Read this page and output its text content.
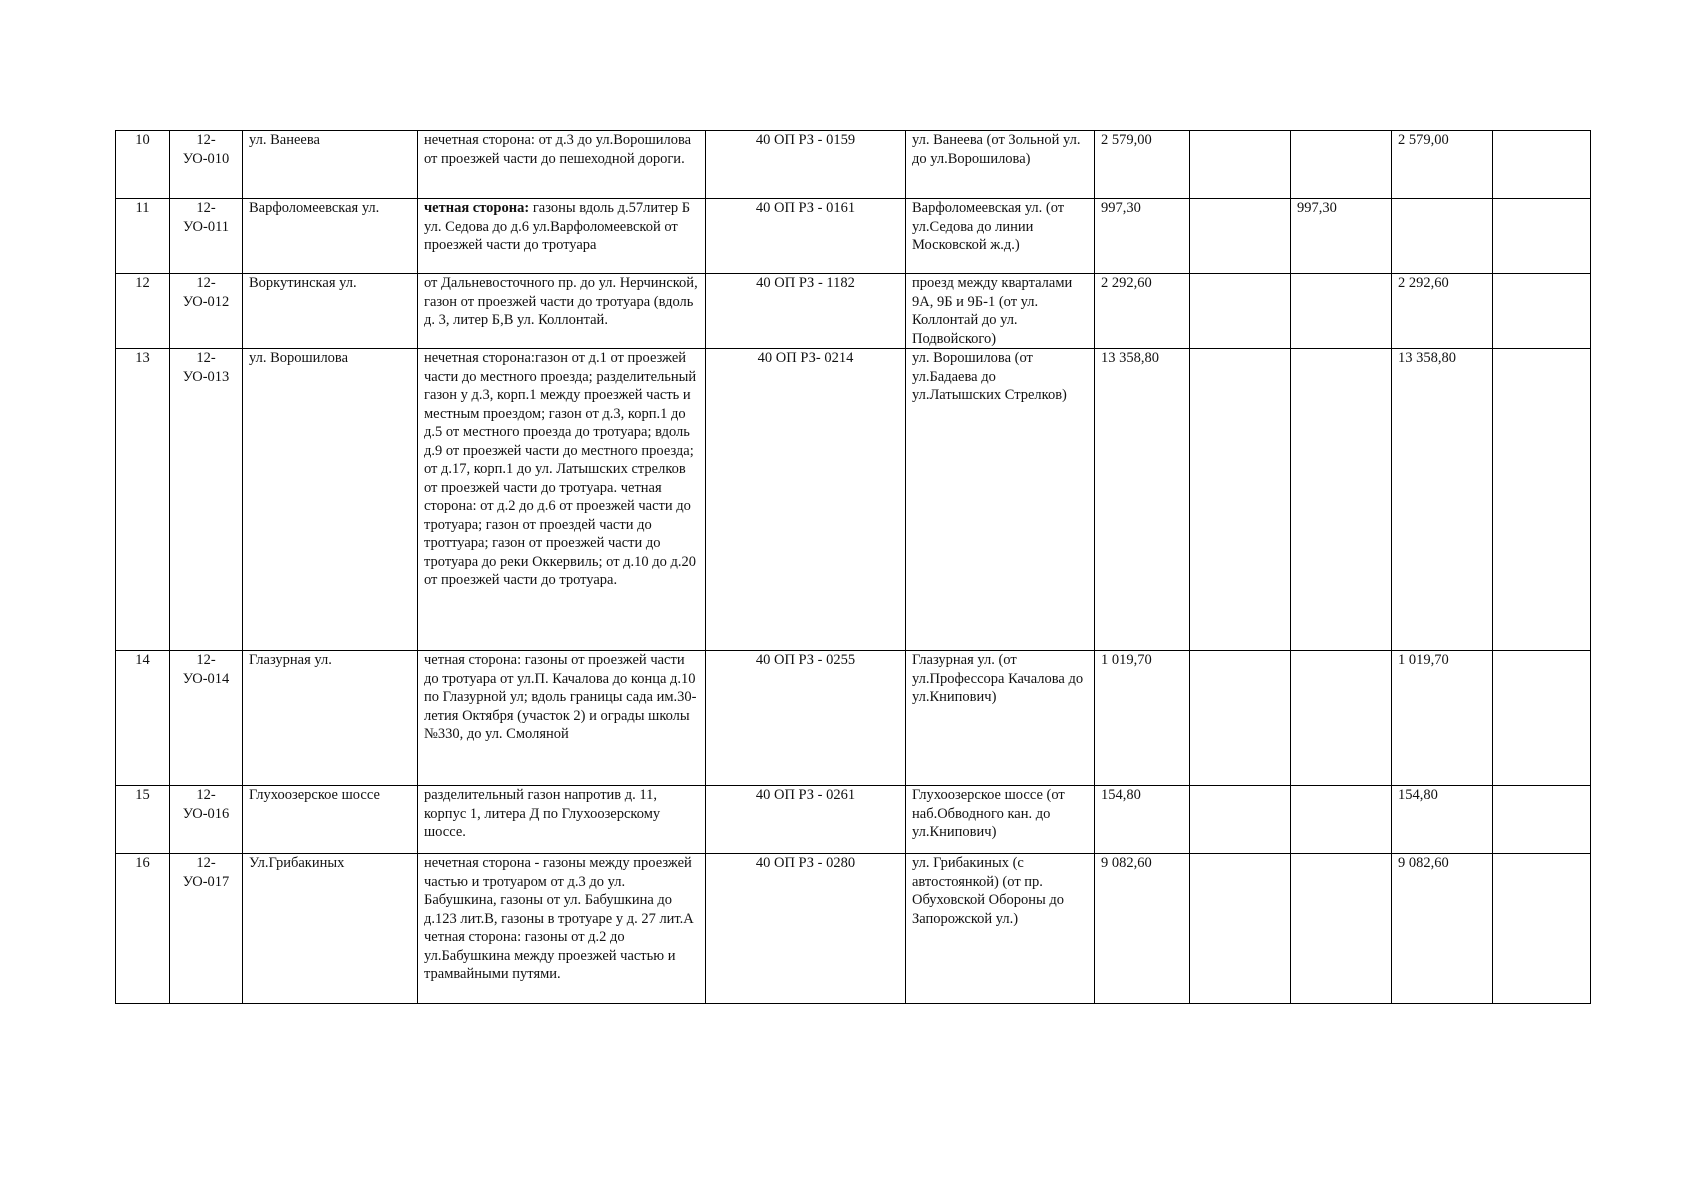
10	12-УО-010	ул. Ванеева	нечетная сторона: от д.3 до ул.Ворошилова от проезжей части до пешеходной дороги.	40 ОП РЗ - 0159	ул. Ванеева (от Зольной ул. до ул.Ворошилова)	2 579,00			2 579,00	
11	12-УО-011	Варфоломеевская ул.	четная сторона: газоны вдоль д.57литер Б ул. Седова до д.6 ул.Варфоломеевской от проезжей части до тротуара	40 ОП РЗ - 0161	Варфоломеевская ул. (от ул.Седова до линии Московской ж.д.)	997,30		997,30		
12	12-УО-012	Воркутинская ул.	от Дальневосточного пр. до ул. Нерчинской, газон от проезжей части до тротуара (вдоль д. 3, литер Б,В ул. Коллонтай.	40 ОП РЗ - 1182	проезд между кварталами 9А, 9Б и 9Б-1 (от ул. Коллонтай до ул. Подвойского)	2 292,60			2 292,60	
13	12-УО-013	ул. Ворошилова	нечетная сторона:газон от д.1 от проезжей части до местного проезда; разделительный газон у д.3, корп.1 между проезжей часть и местным проездом; газон от д.3, корп.1 до д.5 от местного проезда до тротуара; вдоль д.9 от проезжей части до местного проезда; от д.17, корп.1 до ул. Латышских стрелков от проезжей части до тротуара. четная сторона: от д.2 до д.6 от проезжей части до тротуара; газон от проездей части до троттуара; газон от проезжей части до тротуара до реки Оккервиль; от д.10 до д.20 от проезжей части до тротуара.	40 ОП РЗ- 0214	ул. Ворошилова (от ул.Бадаева до ул.Латышских Стрелков)	13 358,80			13 358,80	
14	12-УО-014	Глазурная ул.	четная сторона: газоны от проезжей части до тротуара от ул.П. Качалова до конца д.10 по Глазурной ул; вдоль границы сада им.30-летия Октября (участок 2) и ограды школы №330, до ул. Смоляной	40 ОП РЗ - 0255	Глазурная ул. (от ул.Профессора Качалова до ул.Книпович)	1 019,70			1 019,70	
15	12-УО-016	Глухоозерское шоссе	разделительный газон напротив д. 11, корпус 1, литера Д по Глухоозерскому шоссе.	40 ОП РЗ - 0261	Глухоозерское шоссе (от наб.Обводного кан. до ул.Книпович)	154,80			154,80	
16	12-УО-017	Ул.Грибакиных	нечетная сторона - газоны между проезжей частью и тротуаром от д.3 до ул. Бабушкина, газоны от ул. Бабушкина до д.123 лит.В, газоны в тротуаре у д. 27 лит.А четная сторона: газоны от д.2 до ул.Бабушкина между проезжей частью и трамвайными путями.	40 ОП РЗ - 0280	ул. Грибакиных (с автостоянкой) (от пр. Обуховской Обороны до Запорожской ул.)	9 082,60			9 082,60	
